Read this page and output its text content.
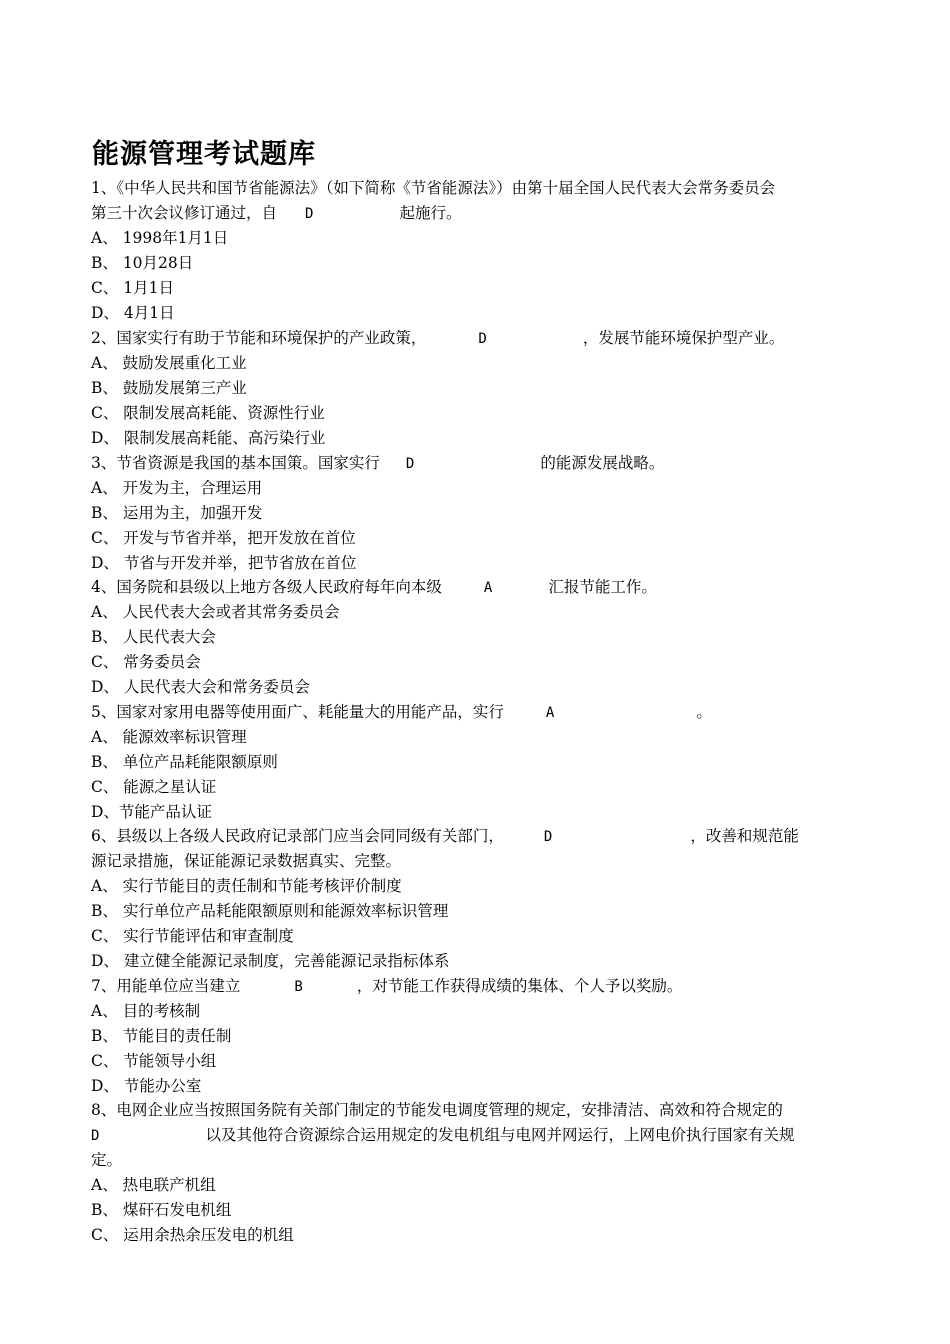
能源管理考试题库
1、《中华人民共和国节省能源法》（如下简称《节省能源法》）由第十届全国人民代表大会常务委员会
第三十次会议修订通过，自 D	起施行。
A、 1998年1月1日
B、 10月28日
C、 1月1日
D、 4月1日
2、国家实行有助于节能和环境保护的产业政策，	D	，发展节能环境保护型产业。
A、 鼓励发展重化工业
B、 鼓励发展第三产业
C、 限制发展高耗能、资源性行业
D、 限制发展高耗能、高污染行业
3、节省资源是我国的基本国策。国家实行 D	的能源发展战略。
A、 开发为主，合理运用
B、 运用为主，加强开发
C、 开发与节省并举，把开发放在首位
D、 节省与开发并举，把节省放在首位
4、国务院和县级以上地方各级人民政府每年向本级	A	汇报节能工作。
A、 人民代表大会或者其常务委员会
B、 人民代表大会
C、 常务委员会
D、 人民代表大会和常务委员会
5、国家对家用电器等使用面广、耗能量大的用能产品，实行	A	。
A、 能源效率标识管理
B、 单位产品耗能限额原则
C、 能源之星认证
D、节能产品认证
6、县级以上各级人民政府记录部门应当会同同级有关部门，	D	，改善和规范能
源记录措施，保证能源记录数据真实、完整。
A、 实行节能目的责任制和节能考核评价制度
B、 实行单位产品耗能限额原则和能源效率标识管理
C、 实行节能评估和审查制度
D、 建立健全能源记录制度，完善能源记录指标体系
7、用能单位应当建立	B	，对节能工作获得成绩的集体、个人予以奖励。
A、 目的考核制
B、 节能目的责任制
C、 节能领导小组
D、 节能办公室
8、电网企业应当按照国务院有关部门制定的节能发电调度管理的规定，安排清洁、高效和符合规定的
D	以及其他符合资源综合运用规定的发电机组与电网并网运行，上网电价执行国家有关规
定。
A、 热电联产机组
B、 煤矸石发电机组
C、 运用余热余压发电的机组
